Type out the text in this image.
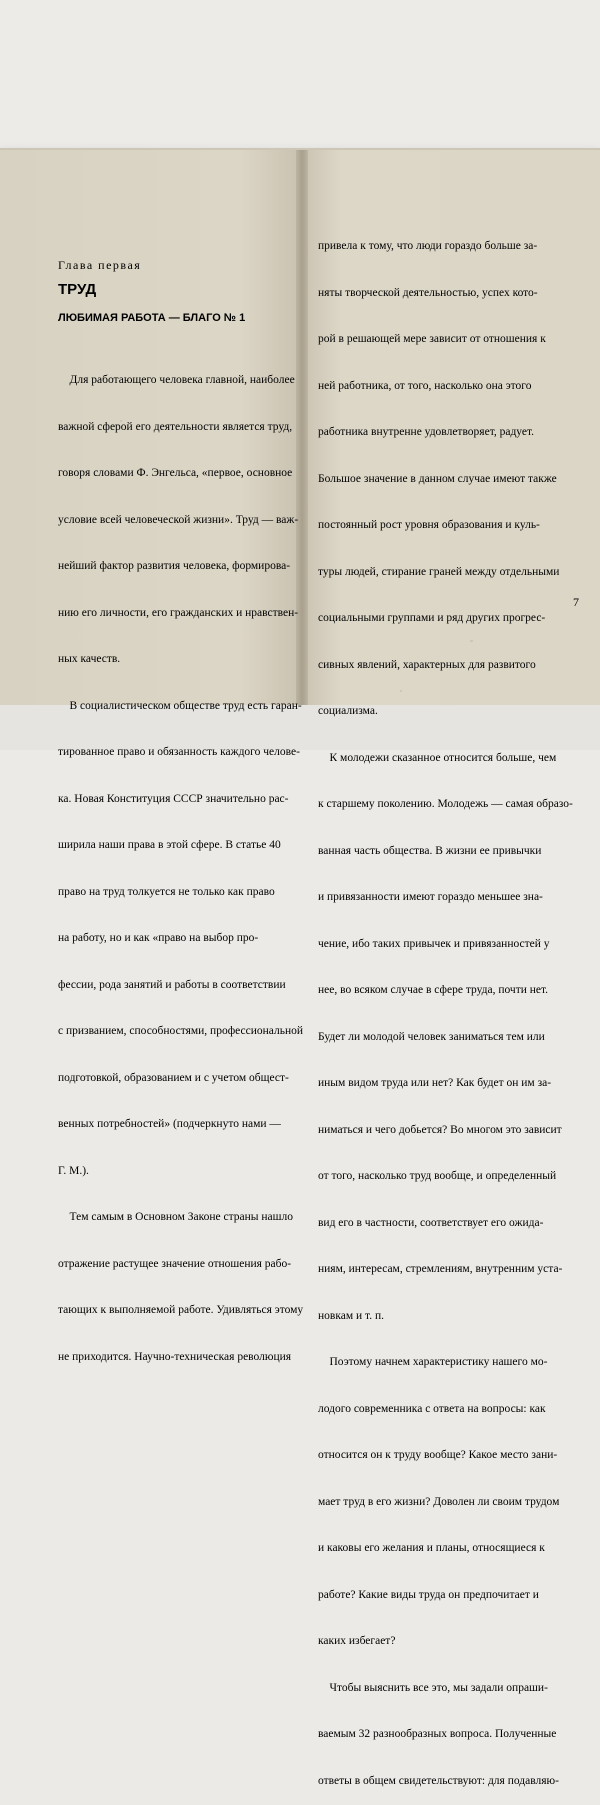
Глава первая
ТРУД
ЛЮБИМАЯ РАБОТА — БЛАГО № 1

Для работающего человека главной, наиболее

важной сферой его деятельности является труд,

говоря словами Ф. Энгельса, «первое, основное

условие всей человеческой жизни». Труд — важ-

нейший фактор развития человека, формирова-

нию его личности, его гражданских и нравствен-

ных качеств.

В социалистическом обществе труд есть гаран-

тированное право и обязанность каждого челове-

ка. Новая Конституция СССР значительно рас-

ширила наши права в этой сфере. В статье 40

право на труд толкуется не только как право

на работу, но и как «право на выбор про-

фессии, рода занятий и работы в соответствии

с призванием, способностями, профессиональной

подготовкой, образованием и с учетом общест-

венных потребностей» (подчеркнуто нами —

Г. М.).

Тем самым в Основном Законе страны нашло

отражение растущее значение отношения рабо-

тающих к выполняемой работе. Удивляться этому

не приходится. Научно-техническая революция

привела к тому, что люди гораздо больше за-

няты творческой деятельностью, успех кото-

рой в решающей мере зависит от отношения к

ней работника, от того, насколько она этого

работника внутренне удовлетворяет, радует.

Большое значение в данном случае имеют также

постоянный рост уровня образования и куль-

туры людей, стирание граней между отдельными

социальными группами и ряд других прогрес-

сивных явлений, характерных для развитого

социализма.

К молодежи сказанное относится больше, чем

к старшему поколению. Молодежь — самая образо-

ванная часть общества. В жизни ее привычки

и привязанности имеют гораздо меньшее зна-

чение, ибо таких привычек и привязанностей у

нее, во всяком случае в сфере труда, почти нет.

Будет ли молодой человек заниматься тем или

иным видом труда или нет? Как будет он им за-

ниматься и чего добьется? Во многом это зависит

от того, насколько труд вообще, и определенный

вид его в частности, соответствует его ожида-

ниям, интересам, стремлениям, внутренним уста-

новкам и т. п.

Поэтому начнем характеристику нашего мо-

лодого современника с ответа на вопросы: как

относится он к труду вообще? Какое место зани-

мает труд в его жизни? Доволен ли своим трудом

и каковы его желания и планы, относящиеся к

работе? Какие виды труда он предпочитает и

каких избегает?

Чтобы выяснить все это, мы задали опраши-

ваемым 32 разнообразных вопроса. Полученные

ответы в общем свидетельствуют: для подавляю-

7
